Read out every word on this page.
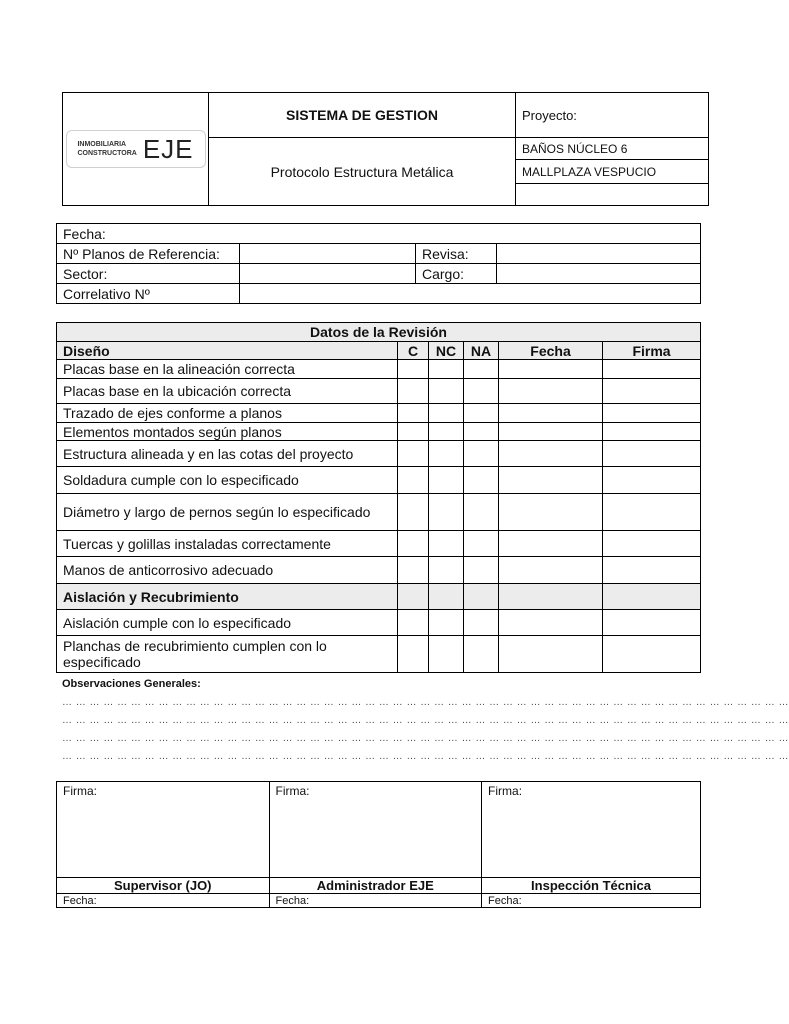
INMOBILIARIA
CONSTRUCTORA EJE	SISTEMA DE GESTION	Proyecto:
	Protocolo Estructura Metálica	BAÑOS NÚCLEO 6
		MALLPLAZA VESPUCIO

Fecha:			
Nº Planos de Referencia:		Revisa:	
Sector:		Cargo:	
Correlativo Nº			
Datos de la Revisión					
Diseño	C	NC	NA	Fecha	Firma
Placas base en la alineación correcta					
Placas base en la ubicación correcta					
Trazado de ejes conforme a planos					
Elementos montados según planos					
Estructura alineada y en las cotas del proyecto					
Soldadura cumple con lo especificado					
Diámetro y largo de pernos según lo especificado					
Tuercas y golillas instaladas correctamente					
Manos de anticorrosivo adecuado					
Aislación y Recubrimiento					
Aislación cumple con lo especificado					
Planchas de recubrimiento cumplen con lo especificado					
Observaciones Generales:
… … … … … … … … … … … … … … … … … … … … … … … … … … … … … … … … … … … … … … … … … … … … … … … … … … … … …
… … … … … … … … … … … … … … … … … … … … … … … … … … … … … … … … … … … … … … … … … … … … … … … … … … … … …
… … … … … … … … … … … … … … … … … … … … … … … … … … … … … … … … … … … … … … … … … … … … … … … … … … … … …
… … … … … … … … … … … … … … … … … … … … … … … … … … … … … … … … … … … … … … … … … … … … … … … … … … … … …
Firma:	Firma:	Firma:
Supervisor (JO)	Administrador EJE	Inspección Técnica
Fecha:	Fecha:	Fecha:
